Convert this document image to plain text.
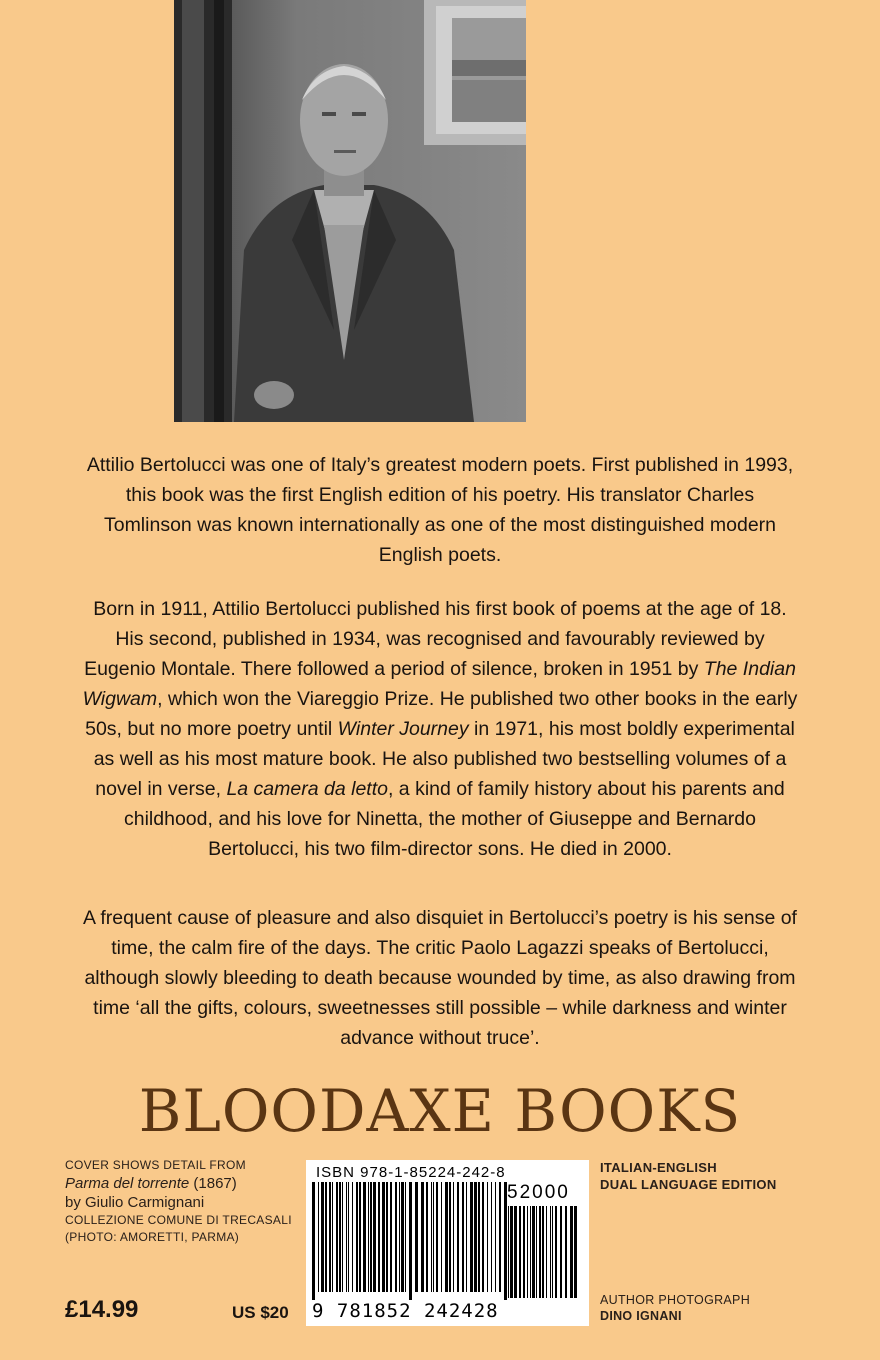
Attilio Bertolucci was one of Italy’s greatest modern poets. First published in 1993, this book was the first English edition of his poetry. His translator Charles Tomlinson was known internationally as one of the most distinguished modern English poets.

Born in 1911, Attilio Bertolucci published his first book of poems at the age of 18. His second, published in 1934, was recognised and favourably reviewed by Eugenio Montale. There followed a period of silence, broken in 1951 by The Indian Wigwam, which won the Viareggio Prize. He published two other books in the early 50s, but no more poetry until Winter Journey in 1971, his most boldly experimental as well as his most mature book. He also published two bestselling volumes of a novel in verse, La camera da letto, a kind of family history about his parents and childhood, and his love for Ninetta, the mother of Giuseppe and Bernardo Bertolucci, his two film-director sons. He died in 2000.

A frequent cause of pleasure and also disquiet in Bertolucci’s poetry is his sense of time, the calm fire of the days. The critic Paolo Lagazzi speaks of Bertolucci, although slowly bleeding to death because wounded by time, as also drawing from time ‘all the gifts, colours, sweetnesses still possible – while darkness and winter advance without truce’.

BLOODAXE BOOKS
COVER SHOWS DETAIL FROM
Parma del torrente (1867)
by Giulio Carmignani
COLLEZIONE COMUNE DI TRECASALI
(PHOTO: AMORETTI, PARMA)
ISBN 978-1-85224-242-8
52000
9 781852 242428
ITALIAN-ENGLISH
DUAL LANGUAGE EDITION
AUTHOR PHOTOGRAPH
DINO IGNANI
£14.99	US $20
